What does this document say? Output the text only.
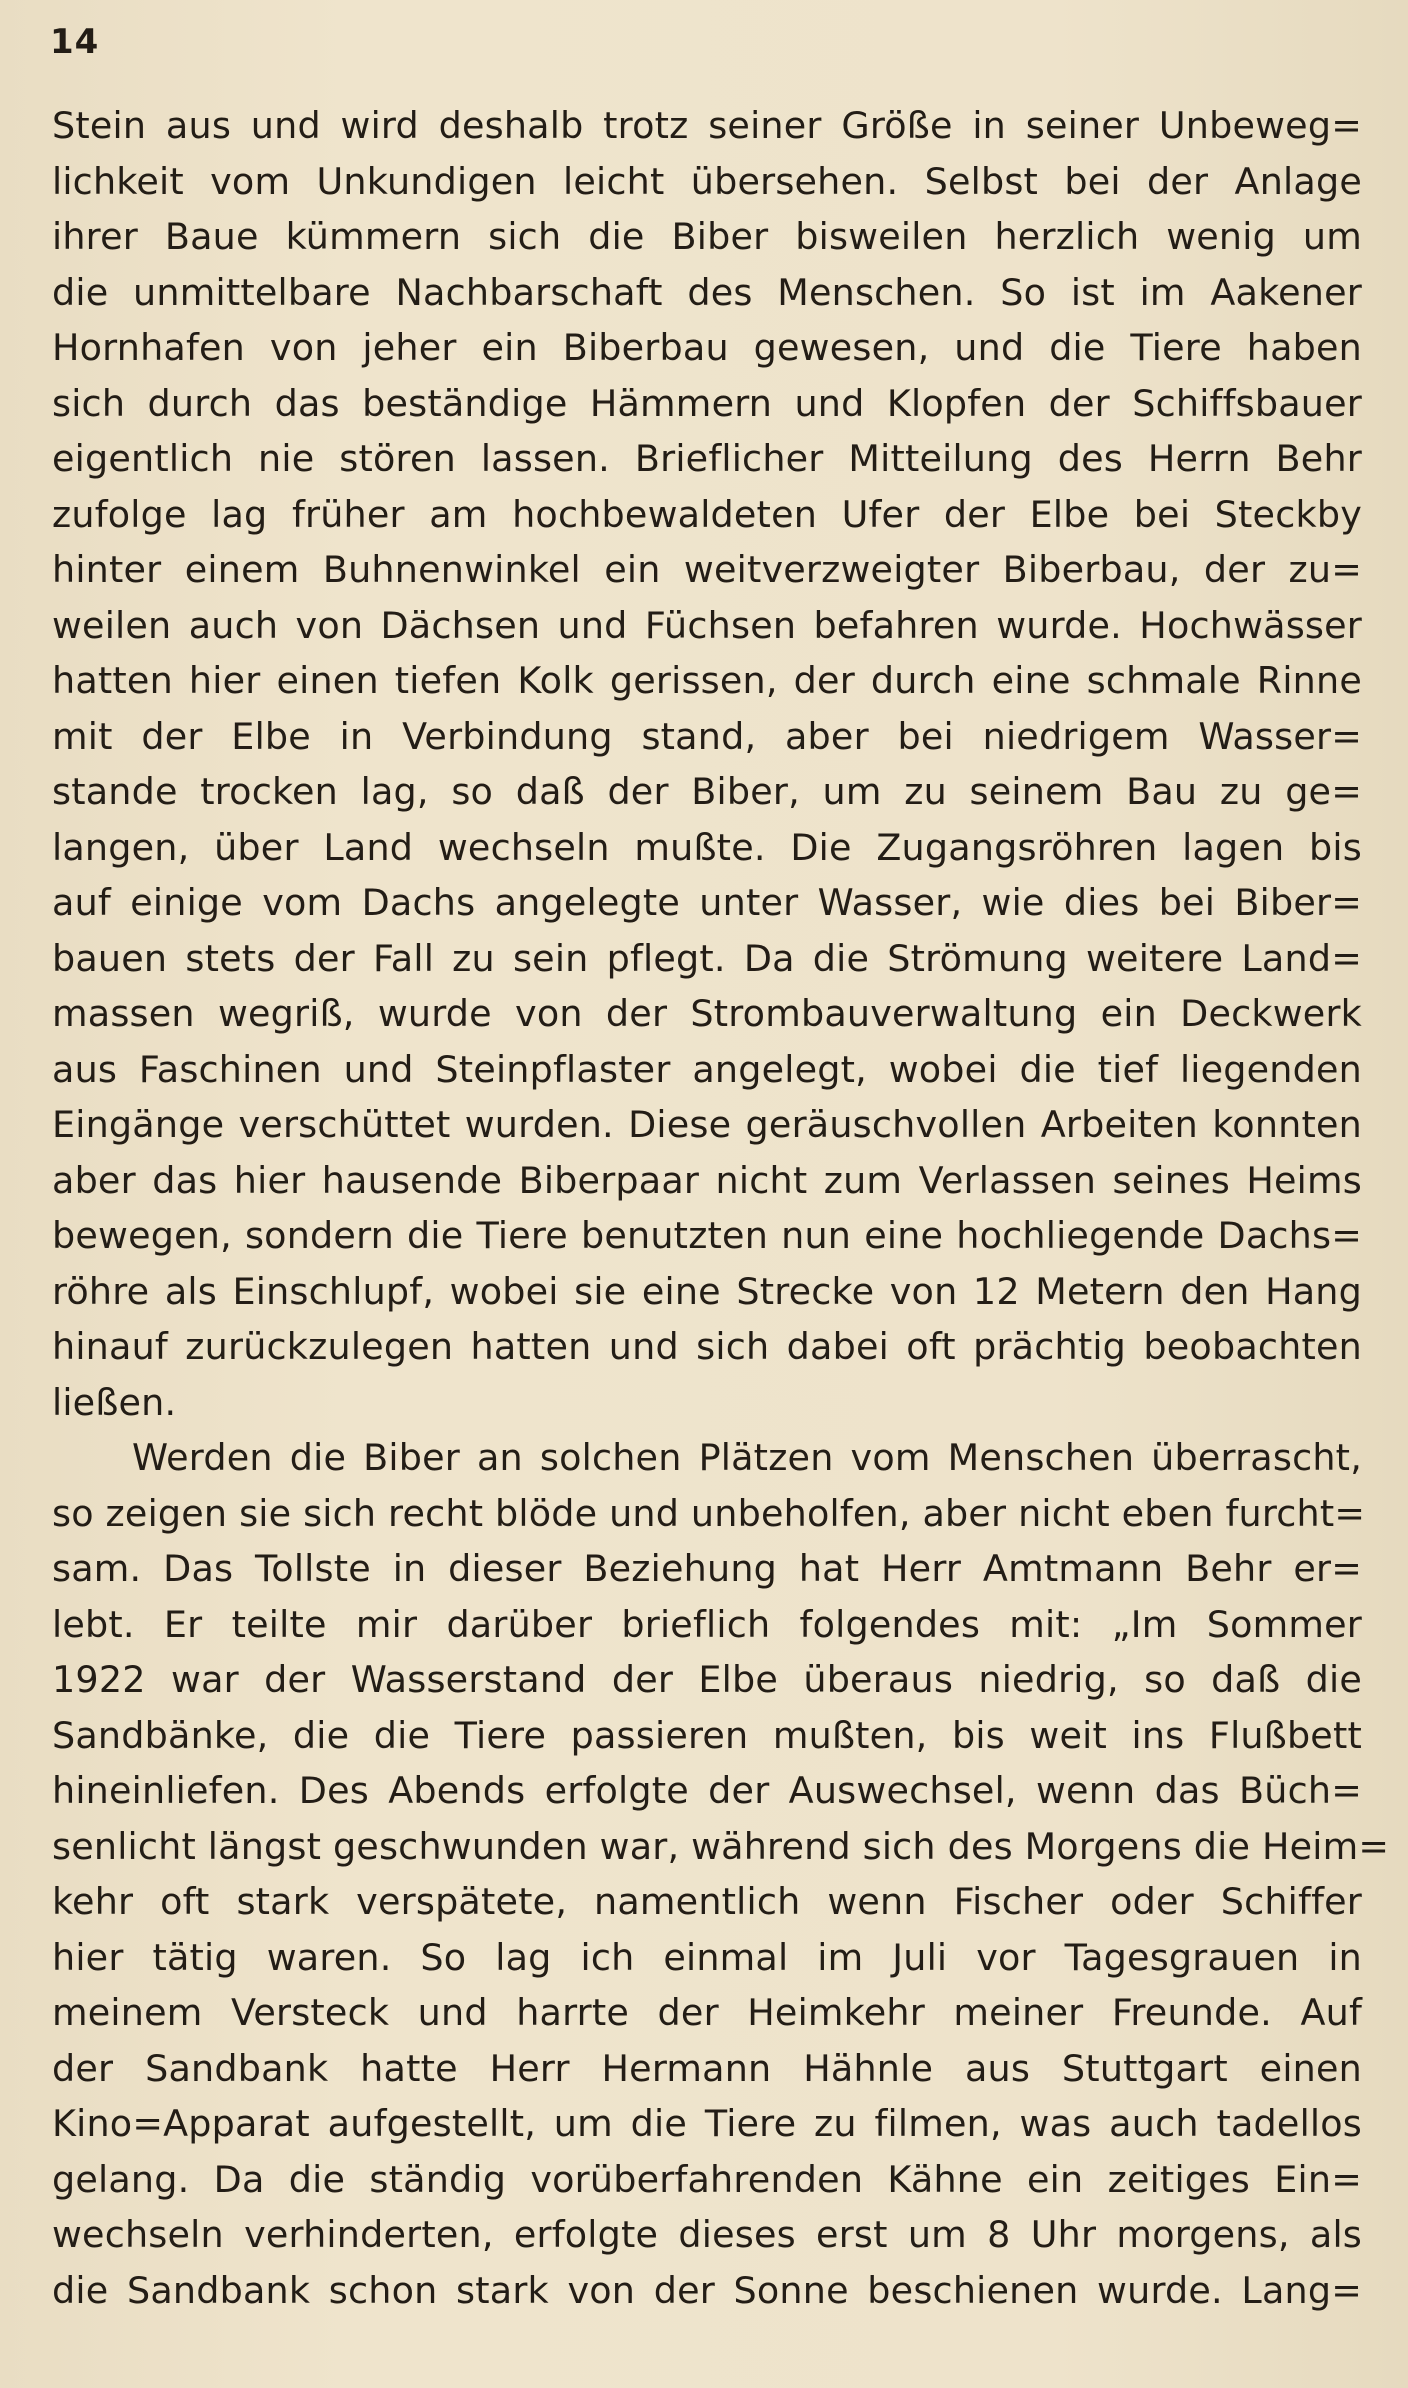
14
Stein aus und wird deshalb trotz seiner Größe in seiner Unbeweg=
lichkeit vom Unkundigen leicht übersehen. Selbst bei der Anlage
ihrer Baue kümmern sich die Biber bisweilen herzlich wenig um
die unmittelbare Nachbarschaft des Menschen. So ist im Aakener
Hornhafen von jeher ein Biberbau gewesen, und die Tiere haben
sich durch das beständige Hämmern und Klopfen der Schiffsbauer
eigentlich nie stören lassen. Brieflicher Mitteilung des Herrn Behr
zufolge lag früher am hochbewaldeten Ufer der Elbe bei Steckby
hinter einem Buhnenwinkel ein weitverzweigter Biberbau, der zu=
weilen auch von Dächsen und Füchsen befahren wurde. Hochwässer
hatten hier einen tiefen Kolk gerissen, der durch eine schmale Rinne
mit der Elbe in Verbindung stand, aber bei niedrigem Wasser=
stande trocken lag, so daß der Biber, um zu seinem Bau zu ge=
langen, über Land wechseln mußte. Die Zugangsröhren lagen bis
auf einige vom Dachs angelegte unter Wasser, wie dies bei Biber=
bauen stets der Fall zu sein pflegt. Da die Strömung weitere Land=
massen wegriß, wurde von der Strombauverwaltung ein Deckwerk
aus Faschinen und Steinpflaster angelegt, wobei die tief liegenden
Eingänge verschüttet wurden. Diese geräuschvollen Arbeiten konnten
aber das hier hausende Biberpaar nicht zum Verlassen seines Heims
bewegen, sondern die Tiere benutzten nun eine hochliegende Dachs=
röhre als Einschlupf, wobei sie eine Strecke von 12 Metern den Hang
hinauf zurückzulegen hatten und sich dabei oft prächtig beobachten
ließen.
Werden die Biber an solchen Plätzen vom Menschen überrascht,
so zeigen sie sich recht blöde und unbeholfen, aber nicht eben furcht=
sam. Das Tollste in dieser Beziehung hat Herr Amtmann Behr er=
lebt. Er teilte mir darüber brieflich folgendes mit: „Im Sommer
1922 war der Wasserstand der Elbe überaus niedrig, so daß die
Sandbänke, die die Tiere passieren mußten, bis weit ins Flußbett
hineinliefen. Des Abends erfolgte der Auswechsel, wenn das Büch=
senlicht längst geschwunden war, während sich des Morgens die Heim=
kehr oft stark verspätete, namentlich wenn Fischer oder Schiffer
hier tätig waren. So lag ich einmal im Juli vor Tagesgrauen in
meinem Versteck und harrte der Heimkehr meiner Freunde. Auf
der Sandbank hatte Herr Hermann Hähnle aus Stuttgart einen
Kino=Apparat aufgestellt, um die Tiere zu filmen, was auch tadellos
gelang. Da die ständig vorüberfahrenden Kähne ein zeitiges Ein=
wechseln verhinderten, erfolgte dieses erst um 8 Uhr morgens, als
die Sandbank schon stark von der Sonne beschienen wurde. Lang=
